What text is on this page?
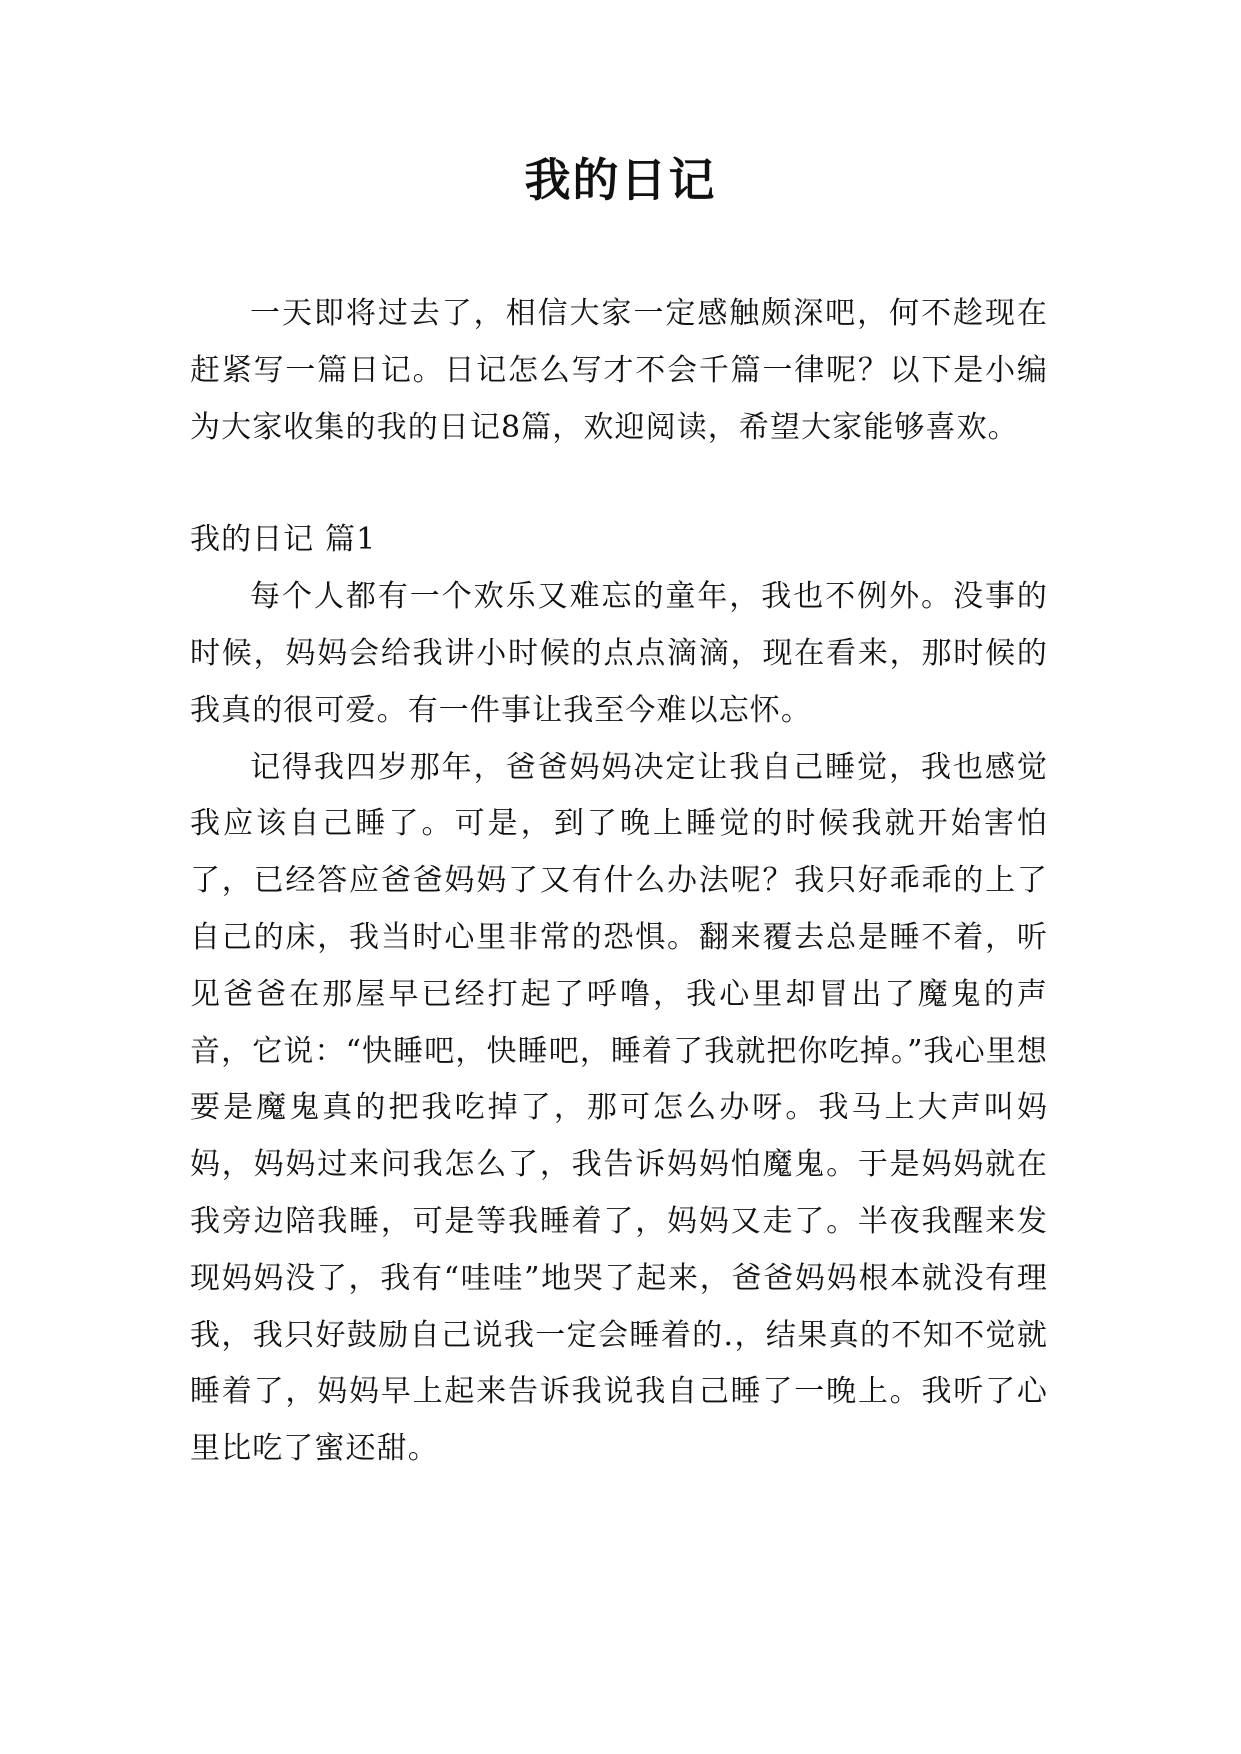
我的日记

一天即将过去了，相信大家一定感触颇深吧，何不趁现在赶紧写一篇日记。日记怎么写才不会千篇一律呢？以下是小编为大家收集的我的日记8篇，欢迎阅读，希望大家能够喜欢。

我的日记 篇1

每个人都有一个欢乐又难忘的童年，我也不例外。没事的时候，妈妈会给我讲小时候的点点滴滴，现在看来，那时候的我真的很可爱。有一件事让我至今难以忘怀。

记得我四岁那年，爸爸妈妈决定让我自己睡觉，我也感觉我应该自己睡了。可是，到了晚上睡觉的时候我就开始害怕了，已经答应爸爸妈妈了又有什么办法呢？我只好乖乖的上了自己的床，我当时心里非常的恐惧。翻来覆去总是睡不着，听见爸爸在那屋早已经打起了呼噜，我心里却冒出了魔鬼的声音，它说：“快睡吧，快睡吧，睡着了我就把你吃掉。”我心里想要是魔鬼真的把我吃掉了，那可怎么办呀。我马上大声叫妈妈，妈妈过来问我怎么了，我告诉妈妈怕魔鬼。于是妈妈就在我旁边陪我睡，可是等我睡着了，妈妈又走了。半夜我醒来发现妈妈没了，我有“哇哇”地哭了起来，爸爸妈妈根本就没有理我，我只好鼓励自己说我一定会睡着的.，结果真的不知不觉就睡着了，妈妈早上起来告诉我说我自己睡了一晚上。我听了心里比吃了蜜还甜。
